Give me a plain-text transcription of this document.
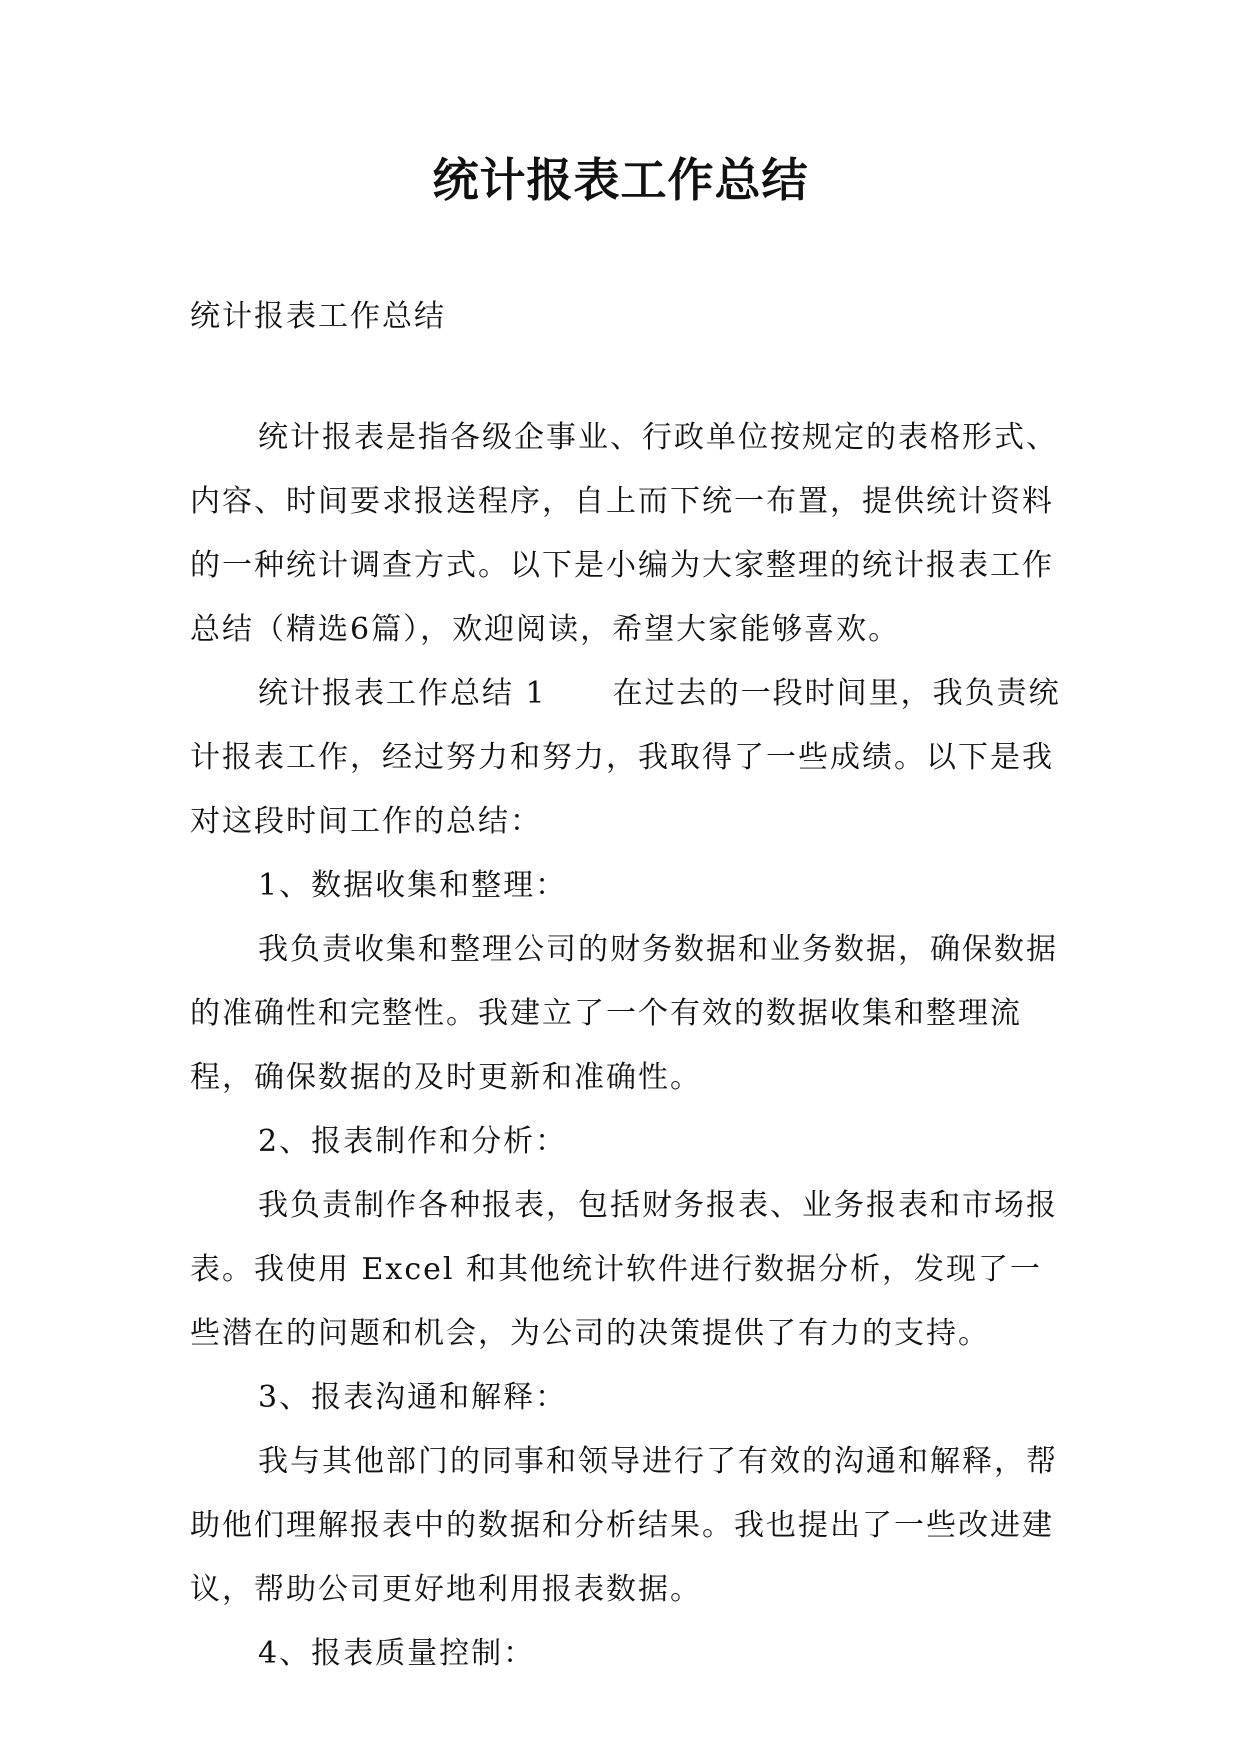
统计报表工作总结

统计报表工作总结

统计报表是指各级企事业、行政单位按规定的表格形式、内容、时间要求报送程序，自上而下统一布置，提供统计资料的一种统计调查方式。以下是小编为大家整理的统计报表工作总结（精选6篇），欢迎阅读，希望大家能够喜欢。

统计报表工作总结 1 在过去的一段时间里，我负责统计报表工作，经过努力和努力，我取得了一些成绩。以下是我对这段时间工作的总结：

1、数据收集和整理：

我负责收集和整理公司的财务数据和业务数据，确保数据的准确性和完整性。我建立了一个有效的数据收集和整理流程，确保数据的及时更新和准确性。

2、报表制作和分析：

我负责制作各种报表，包括财务报表、业务报表和市场报表。我使用 Excel 和其他统计软件进行数据分析，发现了一些潜在的问题和机会，为公司的决策提供了有力的支持。

3、报表沟通和解释：

我与其他部门的同事和领导进行了有效的沟通和解释，帮助他们理解报表中的数据和分析结果。我也提出了一些改进建议，帮助公司更好地利用报表数据。

4、报表质量控制：
